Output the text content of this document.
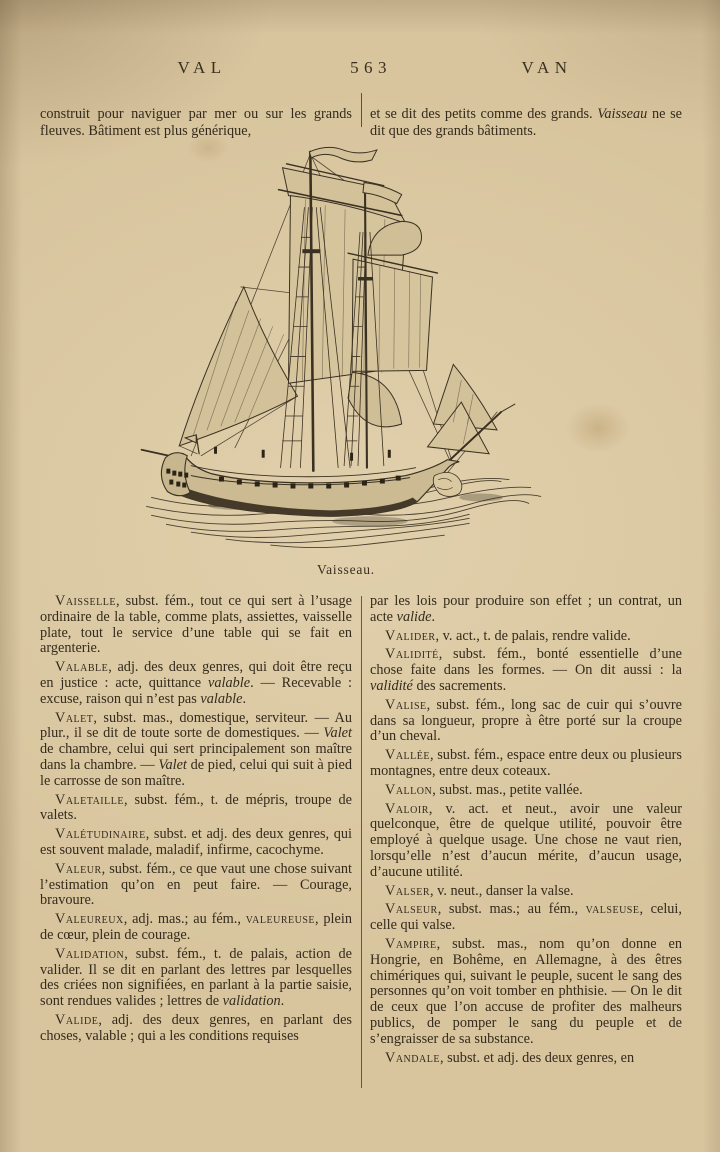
VAL	563	VAN

construit pour naviguer par mer ou sur les grands fleuves. Bâtiment est plus générique,

et se dit des petits comme des grands. Vaisseau ne se dit que des grands bâtiments.

Vaisseau.

Vaisselle, subst. fém., tout ce qui sert à l’usage ordinaire de la table, comme plats, assiettes, vaisselle plate, tout le service d’une table qui se fait en argenterie.

Valable, adj. des deux genres, qui doit être reçu en justice : acte, quittance valable. — Recevable : excuse, raison qui n’est pas valable.

Valet, subst. mas., domestique, serviteur. — Au plur., il se dit de toute sorte de domestiques. — Valet de chambre, celui qui sert principalement son maître dans la chambre. — Valet de pied, celui qui suit à pied le carrosse de son maître.

Valetaille, subst. fém., t. de mépris, troupe de valets.

Valétudinaire, subst. et adj. des deux genres, qui est souvent malade, maladif, infirme, cacochyme.

Valeur, subst. fém., ce que vaut une chose suivant l’estimation qu’on en peut faire. — Courage, bravoure.

Valeureux, adj. mas.; au fém., valeureuse, plein de cœur, plein de courage.

Validation, subst. fém., t. de palais, action de valider. Il se dit en parlant des lettres par lesquelles des criées non signifiées, en parlant à la partie saisie, sont rendues valides ; lettres de validation.

Valide, adj. des deux genres, en parlant des choses, valable ; qui a les conditions requises

par les lois pour produire son effet ; un contrat, un acte valide.

Valider, v. act., t. de palais, rendre valide.

Validité, subst. fém., bonté essentielle d’une chose faite dans les formes. — On dit aussi : la validité des sacrements.

Valise, subst. fém., long sac de cuir qui s’ouvre dans sa longueur, propre à être porté sur la croupe d’un cheval.

Vallée, subst. fém., espace entre deux ou plusieurs montagnes, entre deux coteaux.

Vallon, subst. mas., petite vallée.

Valoir, v. act. et neut., avoir une valeur quelconque, être de quelque utilité, pouvoir être employé à quelque usage. Une chose ne vaut rien, lorsqu’elle n’est d’aucun mérite, d’aucun usage, d’aucune utilité.

Valser, v. neut., danser la valse.

Valseur, subst. mas.; au fém., valseuse, celui, celle qui valse.

Vampire, subst. mas., nom qu’on donne en Hongrie, en Bohême, en Allemagne, à des êtres chimériques qui, suivant le peuple, sucent le sang des personnes qu’on voit tomber en phthisie. — On le dit de ceux que l’on accuse de profiter des malheurs publics, de pomper le sang du peuple et de s’engraisser de sa substance.

Vandale, subst. et adj. des deux genres, en
